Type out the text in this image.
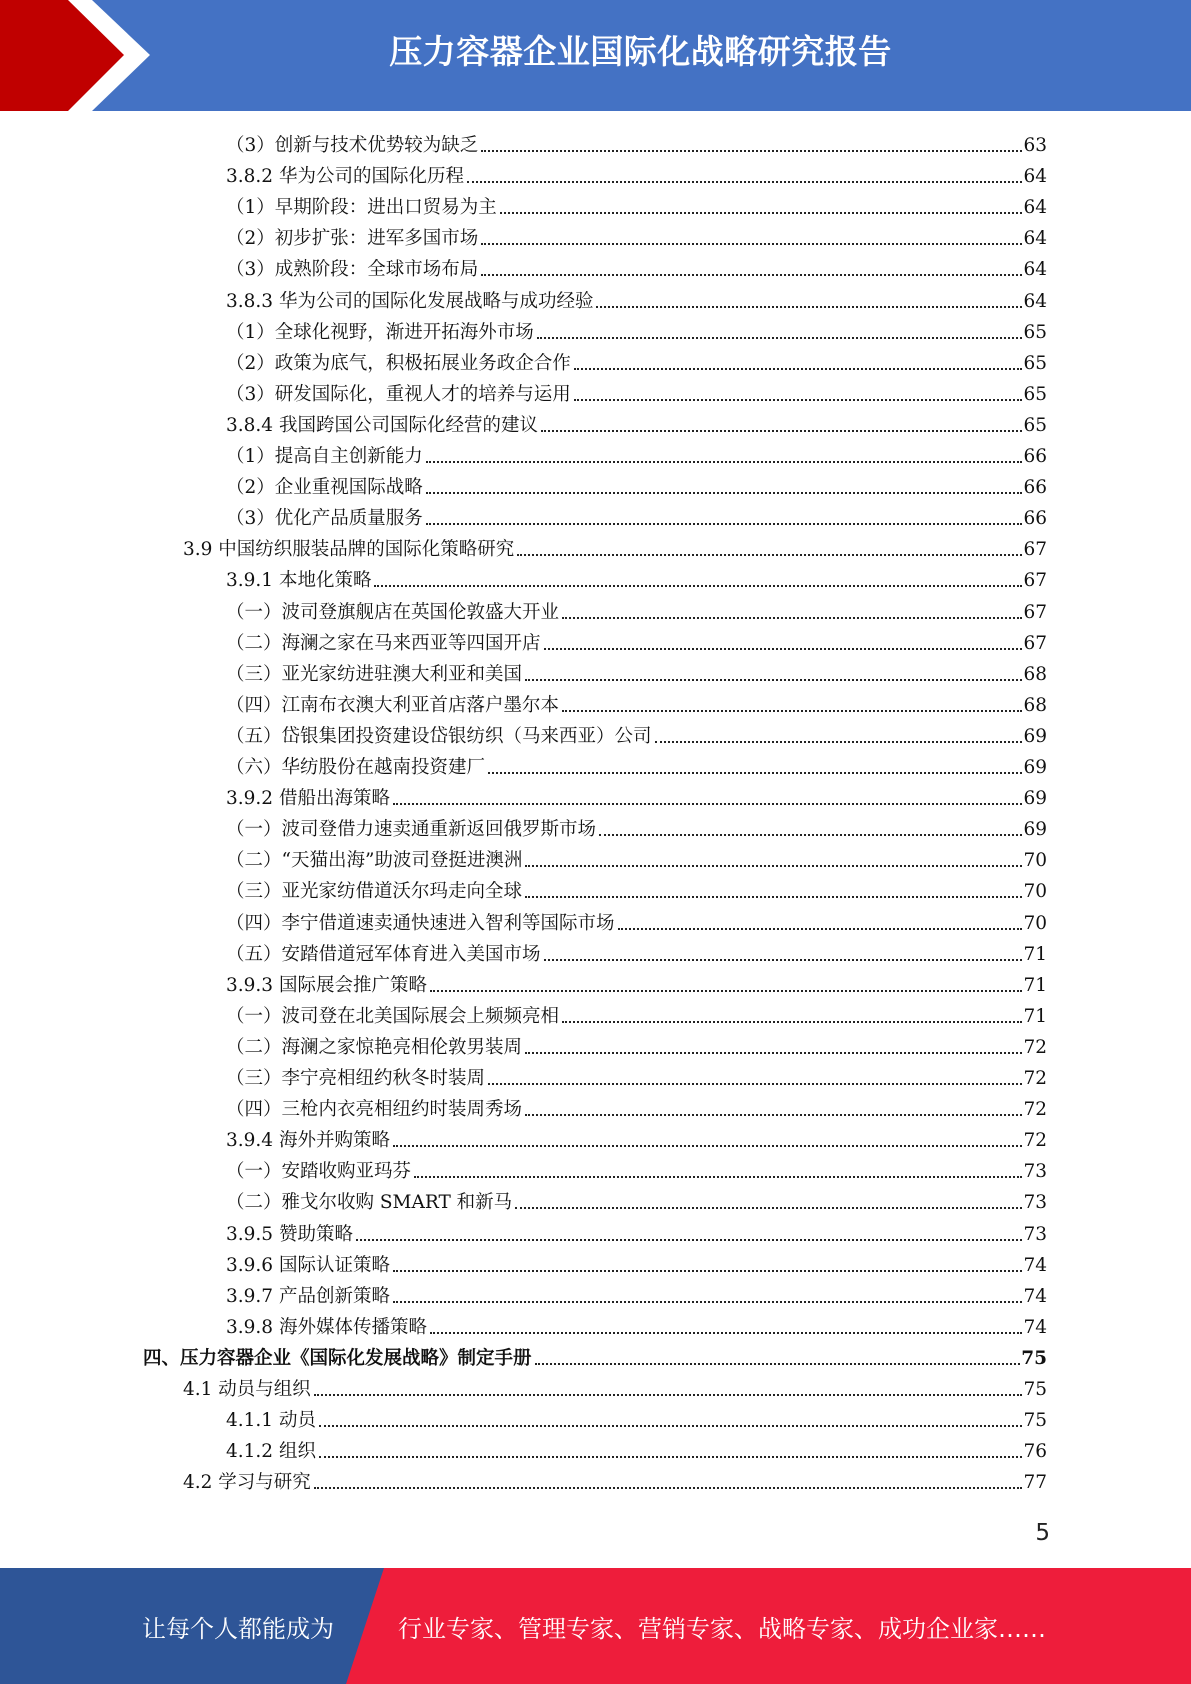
压力容器企业国际化战略研究报告
（3）创新与技术优势较为缺乏	63
3.8.2 华为公司的国际化历程	64
（1）早期阶段：进出口贸易为主	64
（2）初步扩张：进军多国市场	64
（3）成熟阶段：全球市场布局	64
3.8.3 华为公司的国际化发展战略与成功经验	64
（1）全球化视野，渐进开拓海外市场	65
（2）政策为底气，积极拓展业务政企合作	65
（3）研发国际化，重视人才的培养与运用	65
3.8.4 我国跨国公司国际化经营的建议	65
（1）提高自主创新能力	66
（2）企业重视国际战略	66
（3）优化产品质量服务	66
3.9 中国纺织服装品牌的国际化策略研究	67
3.9.1 本地化策略	67
（一）波司登旗舰店在英国伦敦盛大开业	67
（二）海澜之家在马来西亚等四国开店	67
（三）亚光家纺进驻澳大利亚和美国	68
（四）江南布衣澳大利亚首店落户墨尔本	68
（五）岱银集团投资建设岱银纺织（马来西亚）公司	69
（六）华纺股份在越南投资建厂	69
3.9.2 借船出海策略	69
（一）波司登借力速卖通重新返回俄罗斯市场	69
（二）“天猫出海”助波司登挺进澳洲	70
（三）亚光家纺借道沃尔玛走向全球	70
（四）李宁借道速卖通快速进入智利等国际市场	70
（五）安踏借道冠军体育进入美国市场	71
3.9.3 国际展会推广策略	71
（一）波司登在北美国际展会上频频亮相	71
（二）海澜之家惊艳亮相伦敦男装周	72
（三）李宁亮相纽约秋冬时装周	72
（四）三枪内衣亮相纽约时装周秀场	72
3.9.4 海外并购策略	72
（一）安踏收购亚玛芬	73
（二）雅戈尔收购 SMART 和新马	73
3.9.5 赞助策略	73
3.9.6 国际认证策略	74
3.9.7 产品创新策略	74
3.9.8 海外媒体传播策略	74
四、压力容器企业《国际化发展战略》制定手册	75
4.1 动员与组织	75
4.1.1 动员	75
4.1.2 组织	76
4.2 学习与研究	77
5
让每个人都能成为	行业专家、管理专家、营销专家、战略专家、成功企业家……
